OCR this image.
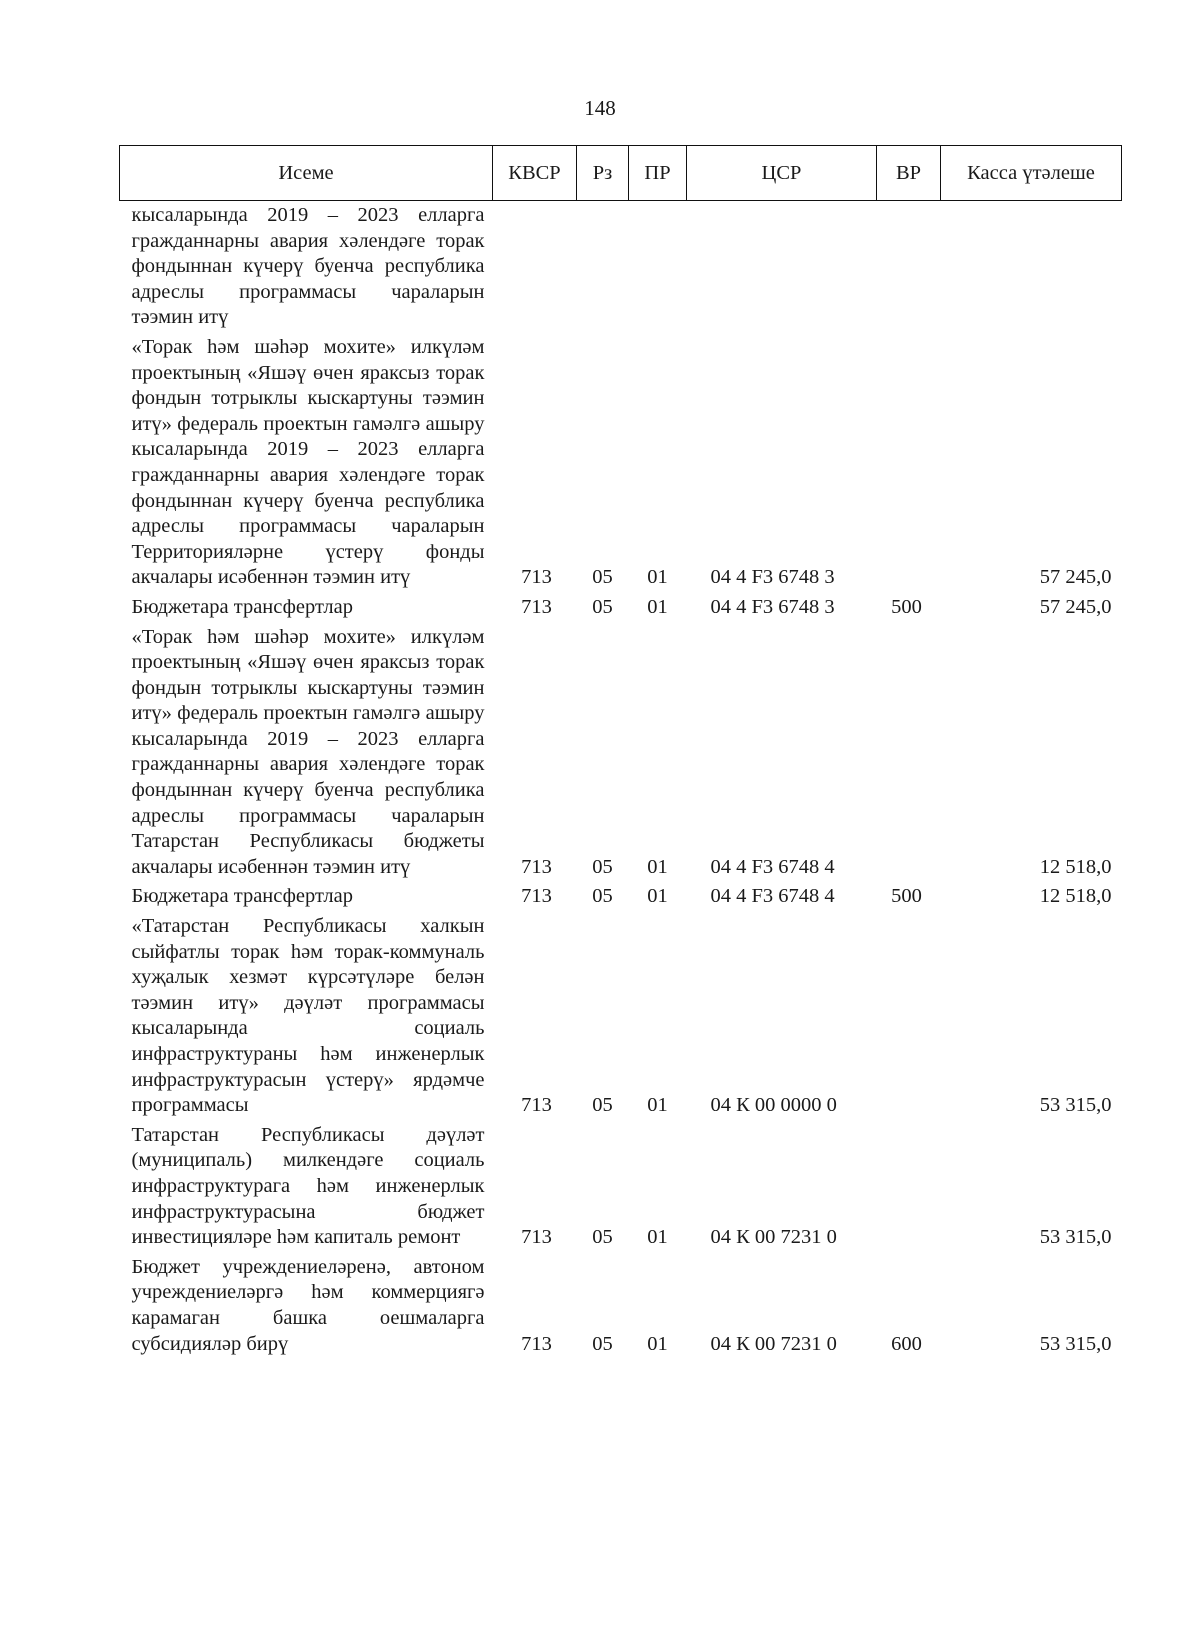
148
Исеме	КВСР	Рз	ПР	ЦСР	ВР	Касса үтәлеше
кысаларында 2019 – 2023 елларга гражданнарны авария хәлендәге торак фондыннан күчерү буенча республика адреслы программасы чараларын тәэмин итү						
«Торак һәм шәһәр мохите» илкүләм проектының «Яшәү өчен яраксыз торак фондын тотрыклы кыскартуны тәэмин итү» федераль проектын гамәлгә ашыру кысаларында 2019 – 2023 елларга гражданнарны авария хәлендәге торак фондыннан күчерү буенча республика адреслы программасы чараларын Территорияләрне үстерү фонды акчалары исәбеннән тәэмин итү	713	05	01	04 4 F3 6748 3		57 245,0
Бюджетара трансфертлар	713	05	01	04 4 F3 6748 3	500	57 245,0
«Торак һәм шәһәр мохите» илкүләм проектының «Яшәү өчен яраксыз торак фондын тотрыклы кыскартуны тәэмин итү» федераль проектын гамәлгә ашыру кысаларында 2019 – 2023 елларга гражданнарны авария хәлендәге торак фондыннан күчерү буенча республика адреслы программасы чараларын Татарстан Республикасы бюджеты акчалары исәбеннән тәэмин итү	713	05	01	04 4 F3 6748 4		12 518,0
Бюджетара трансфертлар	713	05	01	04 4 F3 6748 4	500	12 518,0
«Татарстан Республикасы халкын сыйфатлы торак һәм торак-коммуналь хуҗалык хезмәт күрсәтүләре белән тәэмин итү» дәүләт программасы кысаларында социаль инфраструктураны һәм инженерлык инфраструктурасын үстерү» ярдәмче программасы	713	05	01	04 К 00 0000 0		53 315,0
Татарстан Республикасы дәүләт (муниципаль) милкендәге социаль инфраструктурага һәм инженерлык инфраструктурасына бюджет инвестицияләре һәм капиталь ремонт	713	05	01	04 К 00 7231 0		53 315,0
Бюджет учреждениеләренә, автоном учреждениеләргә һәм коммерциягә карамаган башка оешмаларга субсидияләр бирү	713	05	01	04 К 00 7231 0	600	53 315,0
